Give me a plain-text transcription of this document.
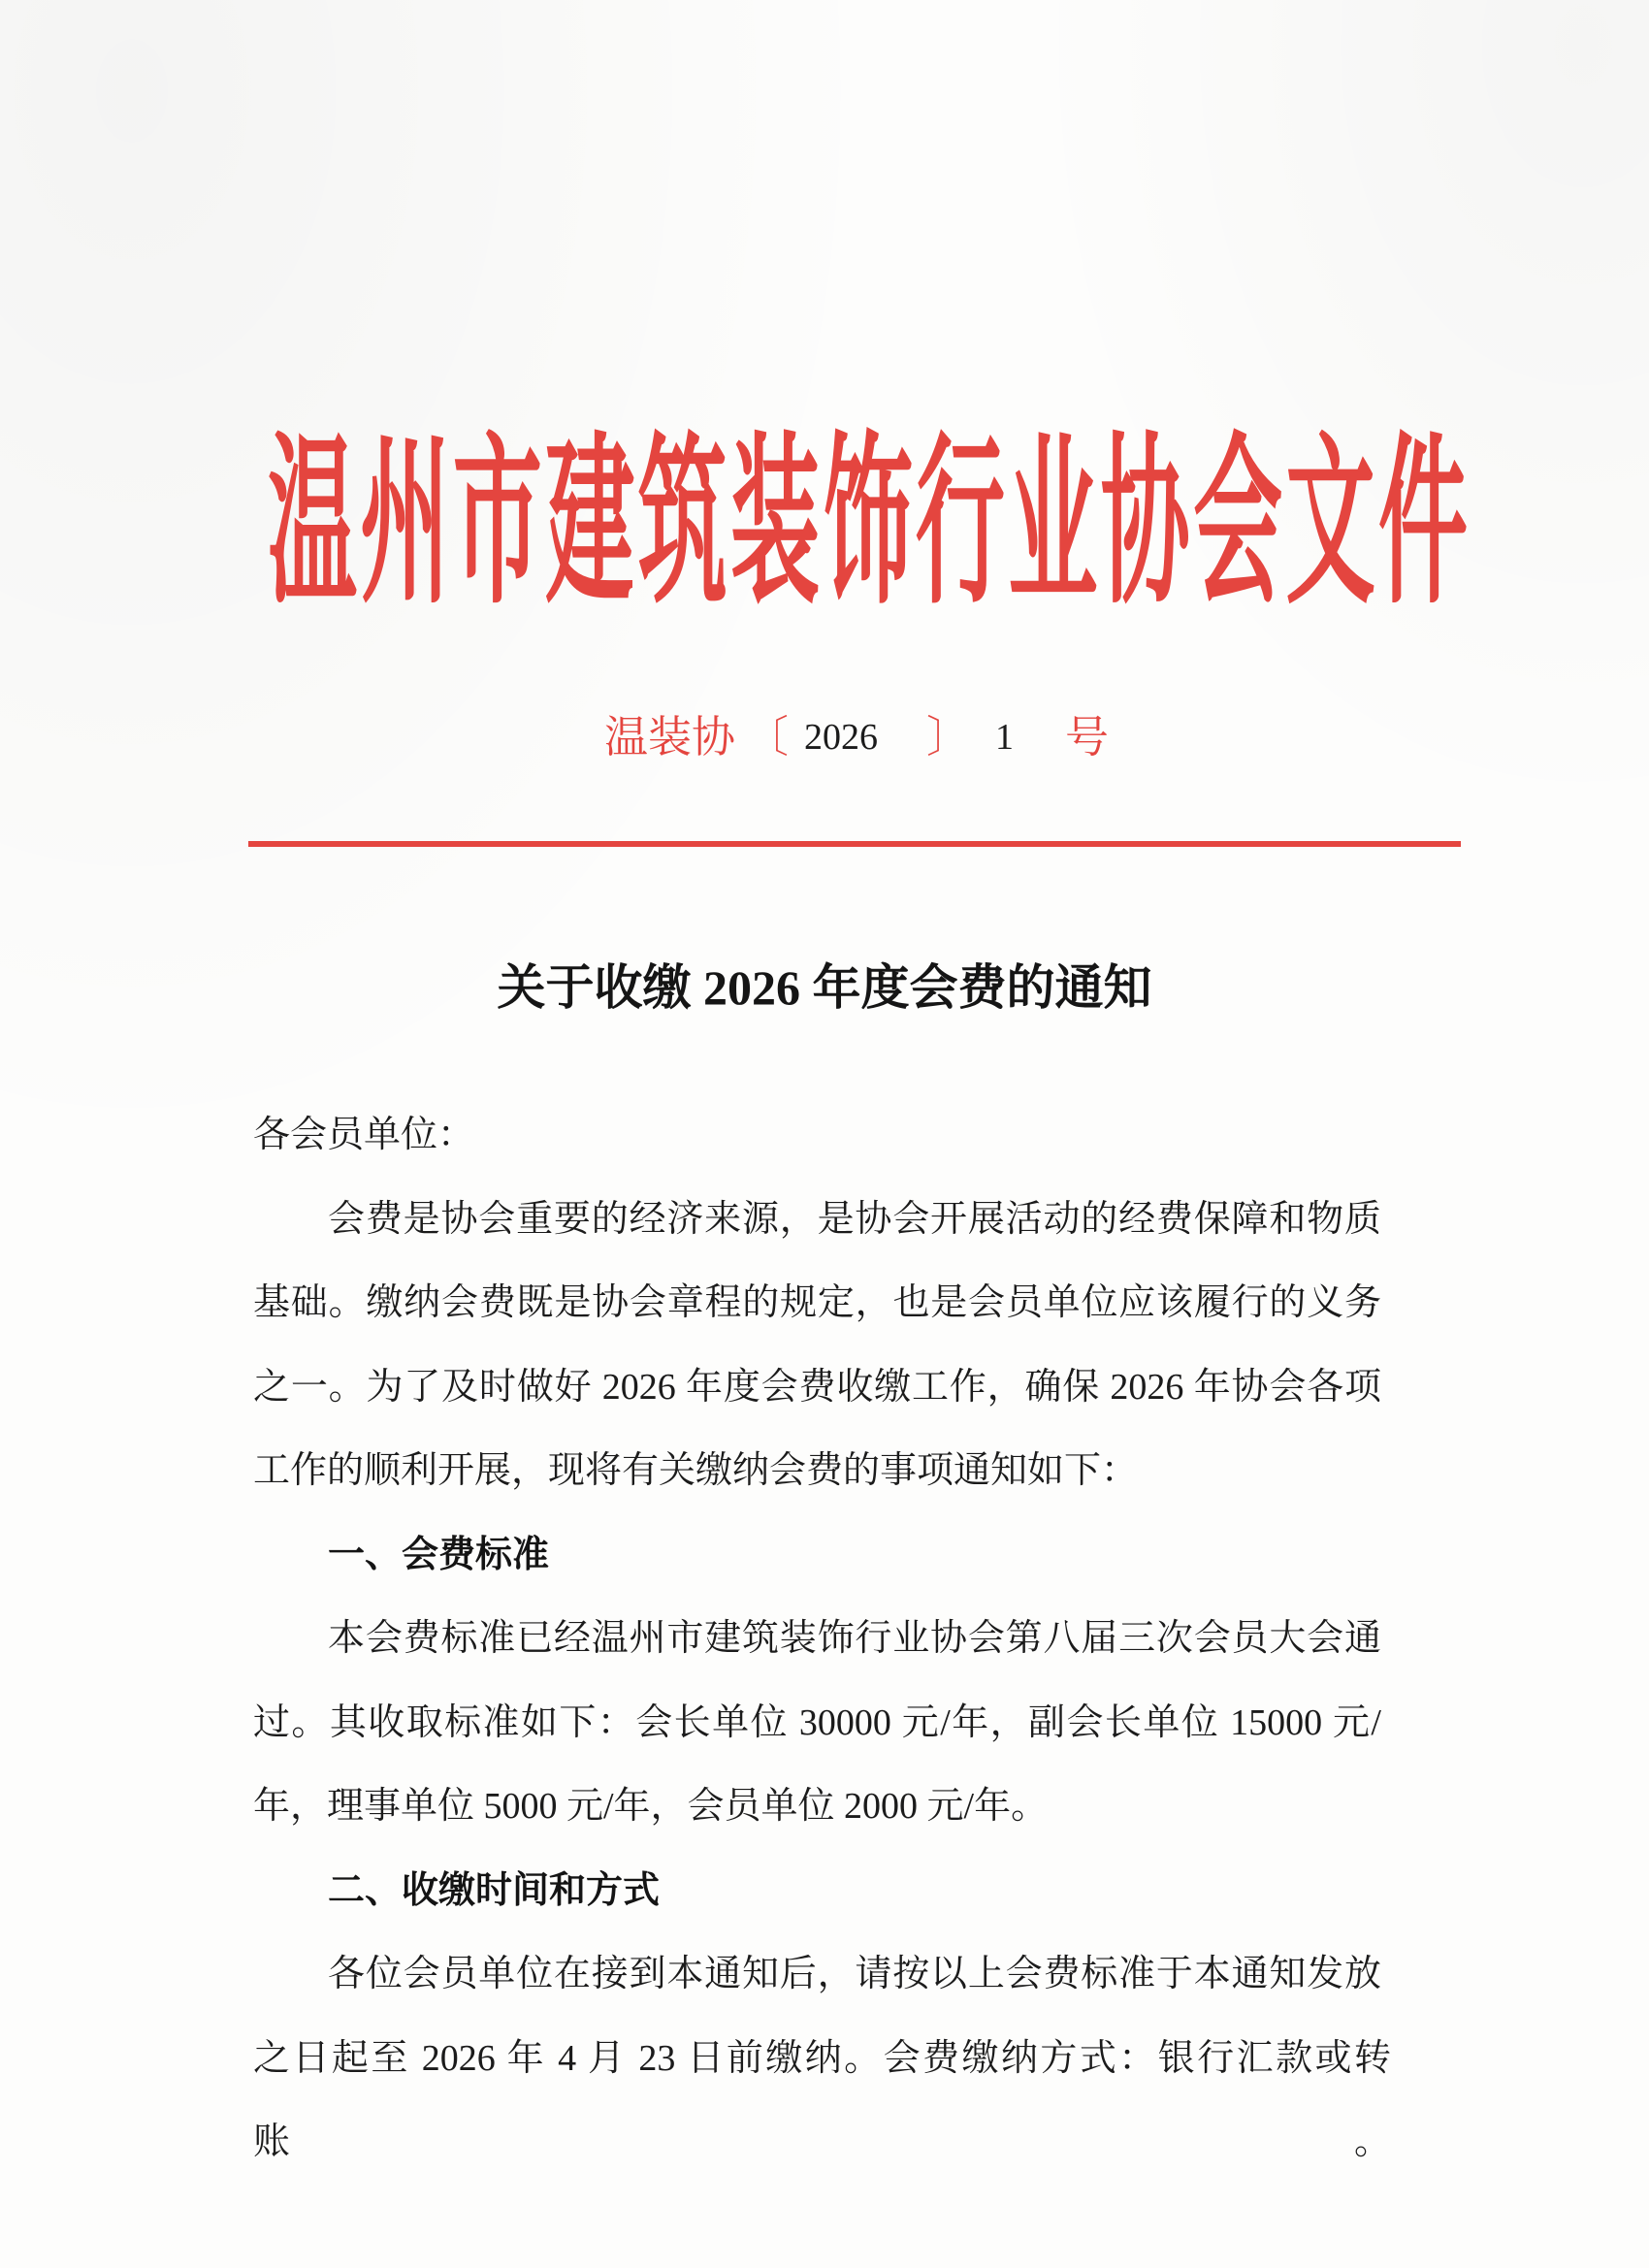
温州市建筑装饰行业协会文件
温装协 〔 2026 〕 1 号
关于收缴 2026 年度会费的通知
各会员单位：
会费是协会重要的经济来源，是协会开展活动的经费保障和物质
基础。缴纳会费既是协会章程的规定，也是会员单位应该履行的义务
之一。为了及时做好 2026 年度会费收缴工作，确保 2026 年协会各项
工作的顺利开展，现将有关缴纳会费的事项通知如下：
一、会费标准
本会费标准已经温州市建筑装饰行业协会第八届三次会员大会通
过。其收取标准如下：会长单位 30000 元/年，副会长单位 15000 元/
年，理事单位 5000 元/年，会员单位 2000 元/年。
二、收缴时间和方式
各位会员单位在接到本通知后，请按以上会费标准于本通知发放
之日起至 2026 年 4 月 23 日前缴纳。会费缴纳方式：银行汇款或转账。
